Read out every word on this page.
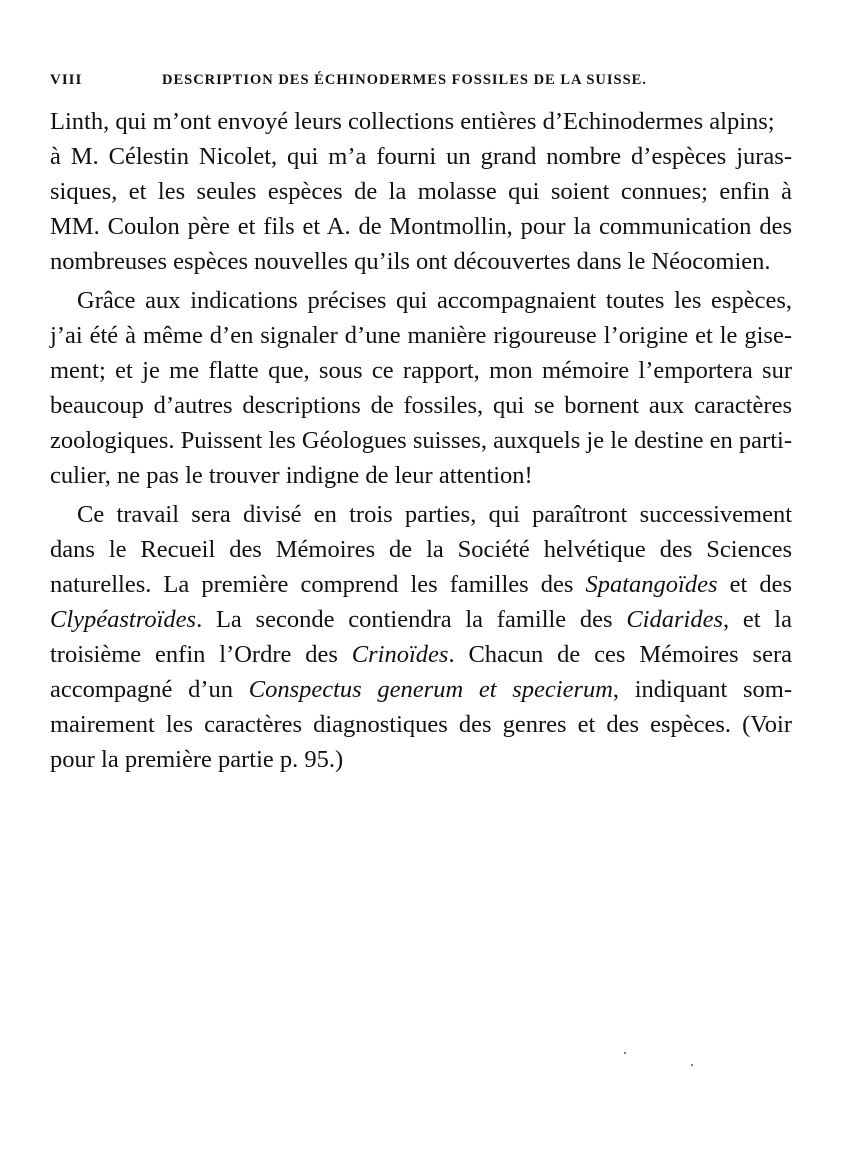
VIII	DESCRIPTION DES ÉCHINODERMES FOSSILES DE LA SUISSE.
Linth, qui m’ont envoyé leurs collections entières d’Echinodermes alpins;
à M. Célestin Nicolet, qui m’a fourni un grand nombre d’espèces juras-
siques, et les seules espèces de la molasse qui soient connues; enfin à
MM. Coulon père et fils et A. de Montmollin, pour la communication des
nombreuses espèces nouvelles qu’ils ont découvertes dans le Néocomien.
Grâce aux indications précises qui accompagnaient toutes les espèces,
j’ai été à même d’en signaler d’une manière rigoureuse l’origine et le gise-
ment; et je me flatte que, sous ce rapport, mon mémoire l’emportera sur
beaucoup d’autres descriptions de fossiles, qui se bornent aux caractères
zoologiques. Puissent les Géologues suisses, auxquels je le destine en parti-
culier, ne pas le trouver indigne de leur attention!
Ce travail sera divisé en trois parties, qui paraîtront successivement
dans le Recueil des Mémoires de la Société helvétique des Sciences
naturelles. La première comprend les familles des Spatangoïdes et des
Clypéastroïdes. La seconde contiendra la famille des Cidarides, et la
troisième enfin l’Ordre des Crinoïdes. Chacun de ces Mémoires sera
accompagné d’un Conspectus generum et specierum, indiquant som-
mairement les caractères diagnostiques des genres et des espèces. (Voir
pour la première partie p. 95.)
